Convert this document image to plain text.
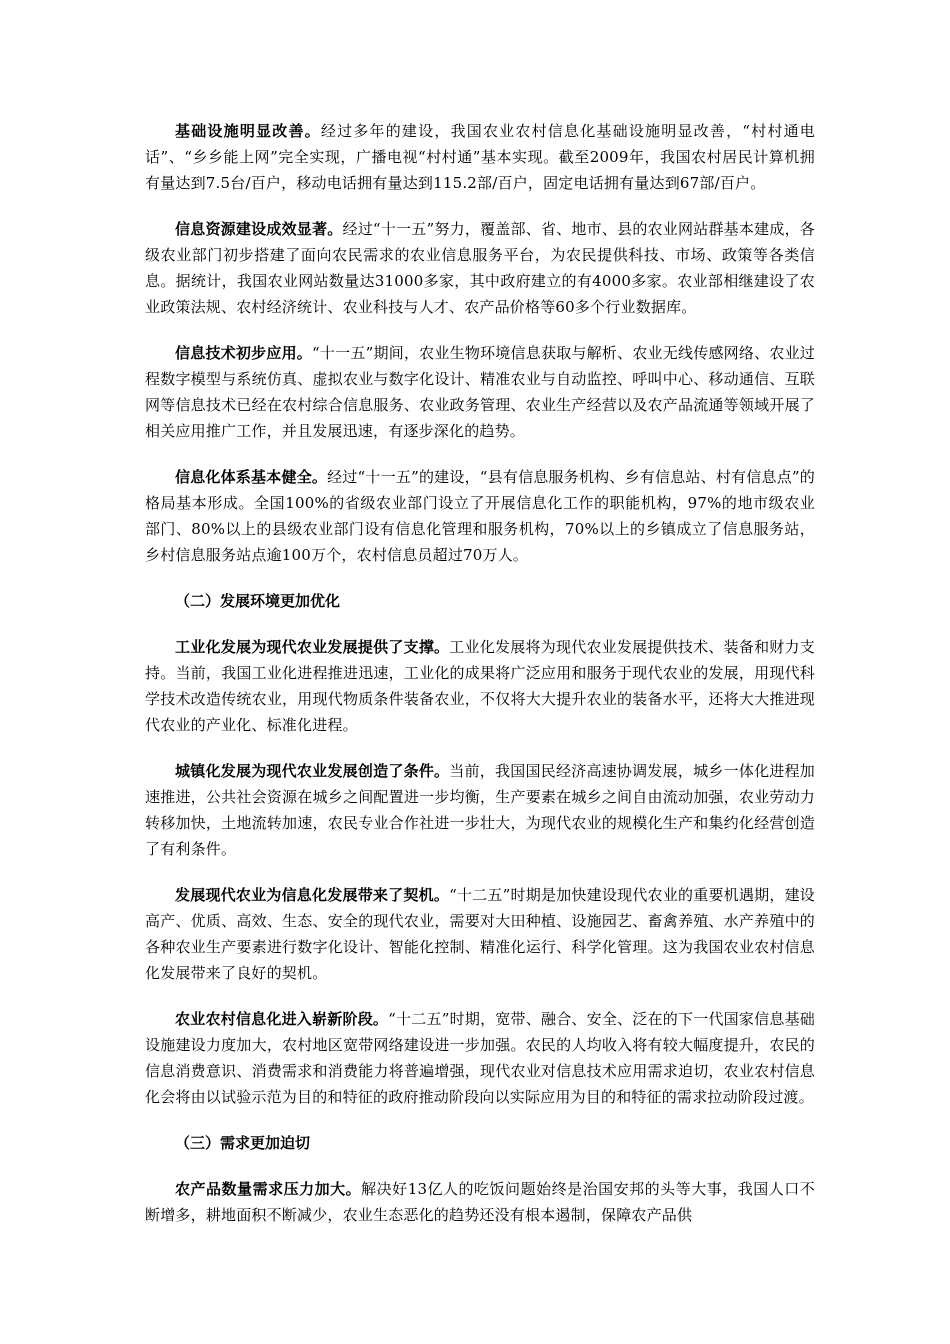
基础设施明显改善。经过多年的建设，我国农业农村信息化基础设施明显改善，“村村通电话”、“乡乡能上网”完全实现，广播电视“村村通”基本实现。截至2009年，我国农村居民计算机拥有量达到7.5台/百户，移动电话拥有量达到115.2部/百户，固定电话拥有量达到67部/百户。

信息资源建设成效显著。经过“十一五”努力，覆盖部、省、地市、县的农业网站群基本建成，各级农业部门初步搭建了面向农民需求的农业信息服务平台，为农民提供科技、市场、政策等各类信息。据统计，我国农业网站数量达31000多家，其中政府建立的有4000多家。农业部相继建设了农业政策法规、农村经济统计、农业科技与人才、农产品价格等60多个行业数据库。

信息技术初步应用。“十一五”期间，农业生物环境信息获取与解析、农业无线传感网络、农业过程数字模型与系统仿真、虚拟农业与数字化设计、精准农业与自动监控、呼叫中心、移动通信、互联网等信息技术已经在农村综合信息服务、农业政务管理、农业生产经营以及农产品流通等领域开展了相关应用推广工作，并且发展迅速，有逐步深化的趋势。

信息化体系基本健全。经过“十一五”的建设，“县有信息服务机构、乡有信息站、村有信息点”的格局基本形成。全国100%的省级农业部门设立了开展信息化工作的职能机构，97%的地市级农业部门、80%以上的县级农业部门设有信息化管理和服务机构，70%以上的乡镇成立了信息服务站，乡村信息服务站点逾100万个，农村信息员超过70万人。

（二）发展环境更加优化

工业化发展为现代农业发展提供了支撑。工业化发展将为现代农业发展提供技术、装备和财力支持。当前，我国工业化进程推进迅速，工业化的成果将广泛应用和服务于现代农业的发展，用现代科学技术改造传统农业，用现代物质条件装备农业，不仅将大大提升农业的装备水平，还将大大推进现代农业的产业化、标准化进程。

城镇化发展为现代农业发展创造了条件。当前，我国国民经济高速协调发展，城乡一体化进程加速推进，公共社会资源在城乡之间配置进一步均衡，生产要素在城乡之间自由流动加强，农业劳动力转移加快，土地流转加速，农民专业合作社进一步壮大，为现代农业的规模化生产和集约化经营创造了有利条件。

发展现代农业为信息化发展带来了契机。“十二五”时期是加快建设现代农业的重要机遇期，建设高产、优质、高效、生态、安全的现代农业，需要对大田种植、设施园艺、畜禽养殖、水产养殖中的各种农业生产要素进行数字化设计、智能化控制、精准化运行、科学化管理。这为我国农业农村信息化发展带来了良好的契机。

农业农村信息化进入崭新阶段。“十二五”时期，宽带、融合、安全、泛在的下一代国家信息基础设施建设力度加大，农村地区宽带网络建设进一步加强。农民的人均收入将有较大幅度提升，农民的信息消费意识、消费需求和消费能力将普遍增强，现代农业对信息技术应用需求迫切，农业农村信息化会将由以试验示范为目的和特征的政府推动阶段向以实际应用为目的和特征的需求拉动阶段过渡。

（三）需求更加迫切

农产品数量需求压力加大。解决好13亿人的吃饭问题始终是治国安邦的头等大事，我国人口不断增多，耕地面积不断减少，农业生态恶化的趋势还没有根本遏制，保障农产品供
